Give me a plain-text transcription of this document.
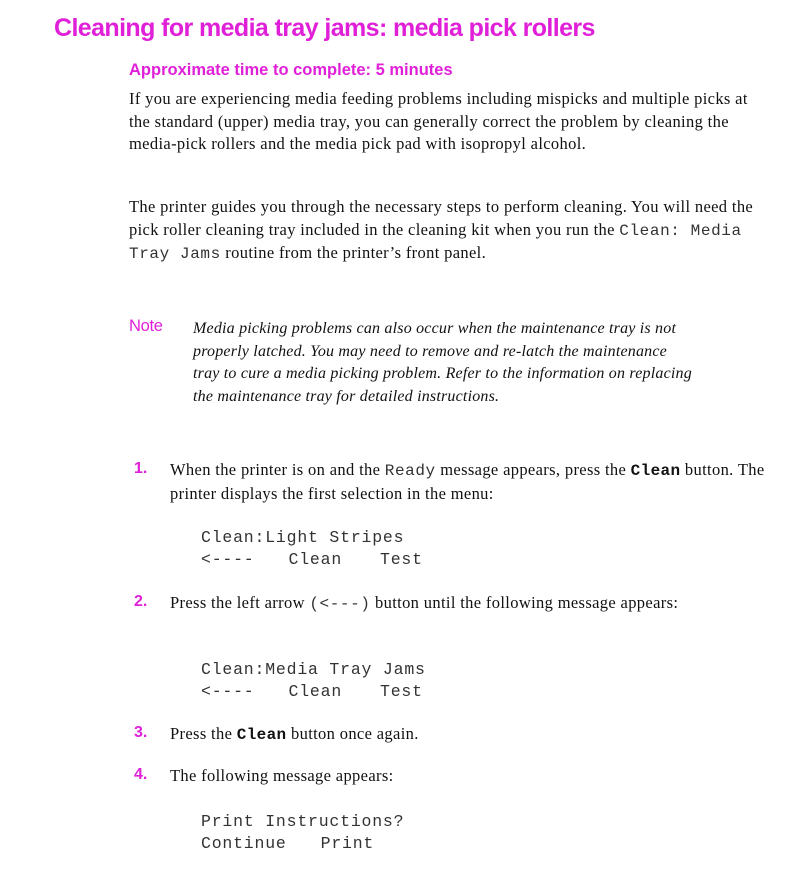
Cleaning for media tray jams: media pick rollers
Approximate time to complete: 5 minutes

If you are experiencing media feeding problems including mispicks and multiple picks at the standard (upper) media tray, you can generally correct the problem by cleaning the media-pick rollers and the media pick pad with isopropyl alcohol.

The printer guides you through the necessary steps to perform cleaning. You will need the pick roller cleaning tray included in the cleaning kit when you run the Clean: Media Tray Jams routine from the printer’s front panel.

Note Media picking problems can also occur when the maintenance tray is not properly latched. You may need to remove and re-latch the maintenance tray to cure a media picking problem. Refer to the information on replacing the maintenance tray for detailed instructions.

1. When the printer is on and the Ready message appears, press the Clean button. The printer displays the first selection in the menu:

Clean:Light Stripes
<---- Clean Test
2. Press the left arrow (<---) button until the following message appears:

Clean:Media Tray Jams
<---- Clean Test
3. Press the Clean button once again.

4. The following message appears:

Print Instructions?
Continue Print
